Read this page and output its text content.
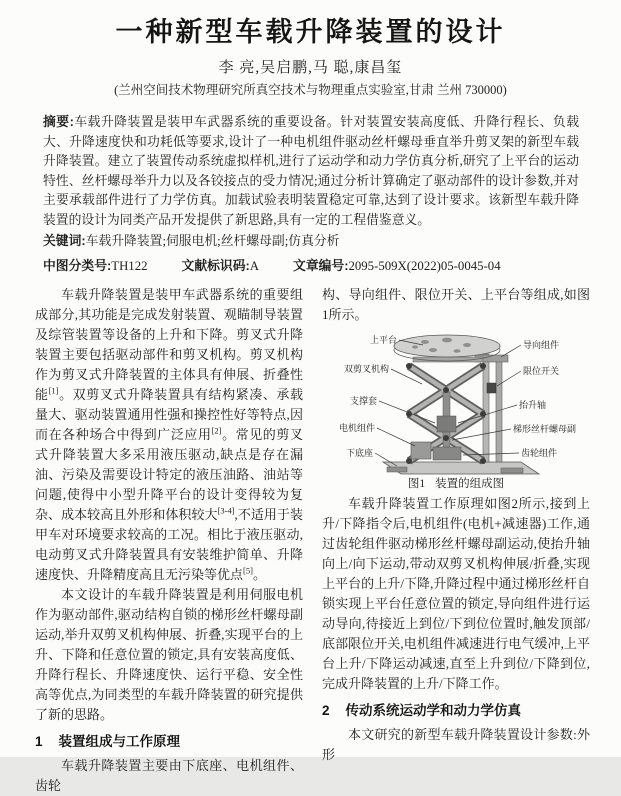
一种新型车载升降装置的设计
李 亮,吴启鹏,马 聪,康昌玺
(兰州空间技术物理研究所真空技术与物理重点实验室,甘肃 兰州 730000)
摘要:车载升降装置是装甲车武器系统的重要设备。针对装置安装高度低、升降行程长、负载大、升降速度快和功耗低等要求,设计了一种电机组件驱动丝杆螺母垂直举升剪叉架的新型车载升降装置。建立了装置传动系统虚拟样机,进行了运动学和动力学仿真分析,研究了上平台的运动特性、丝杆螺母举升力以及各铰接点的受力情况;通过分析计算确定了驱动部件的设计参数,并对主要承载部件进行了力学仿真。加载试验表明装置稳定可靠,达到了设计要求。该新型车载升降装置的设计为同类产品开发提供了新思路,具有一定的工程借鉴意义。
关键词:车载升降装置;伺服电机;丝杆螺母副;仿真分析
中图分类号:TH122	文献标识码:A	文章编号:2095-509X(2022)05-0045-04

车载升降装置是装甲车武器系统的重要组成部分,其功能是完成发射装置、观瞄制导装置及综管装置等设备的上升和下降。剪叉式升降装置主要包括驱动部件和剪叉机构。剪叉机构作为剪叉式升降装置的主体具有伸展、折叠性能[1]。双剪叉式升降装置具有结构紧凑、承载量大、驱动装置通用性强和操控性好等特点,因而在各种场合中得到广泛应用[2]。常见的剪叉式升降装置大多采用液压驱动,缺点是存在漏油、污染及需要设计特定的液压油路、油站等问题,使得中小型升降平台的设计变得较为复杂、成本较高且外形和体积较大[3-4],不适用于装甲车对环境要求较高的工况。相比于液压驱动,电动剪叉式升降装置具有安装维护简单、升降速度快、升降精度高且无污染等优点[5]。

本文设计的车载升降装置是利用伺服电机作为驱动部件,驱动结构自锁的梯形丝杆螺母副运动,举升双剪叉机构伸展、折叠,实现平台的上升、下降和任意位置的锁定,具有安装高度低、升降行程长、升降速度快、运行平稳、安全性高等优点,为同类型的车载升降装置的研究提供了新的思路。

1 装置组成与工作原理

车载升降装置主要由下底座、电机组件、齿轮

构、导向组件、限位开关、上平台等组成,如图1所示。

上平台
双剪叉机构
支撑套
电机组件
下底座
导向组件
限位开关
抬升轴
梯形丝杆螺母副
齿轮组件
图1 装置的组成图

车载升降装置工作原理如图2所示,接到上升/下降指令后,电机组件(电机+减速器)工作,通过齿轮组件驱动梯形丝杆螺母副运动,使抬升轴向上/向下运动,带动双剪叉机构伸展/折叠,实现上平台的上升/下降,升降过程中通过梯形丝杆自锁实现上平台任意位置的锁定,导向组件进行运动导向,待接近上到位/下到位位置时,触发顶部/底部限位开关,电机组件减速进行电气缓冲,上平台上升/下降运动减速,直至上升到位/下降到位,完成升降装置的上升/下降工作。

2 传动系统运动学和动力学仿真

本文研究的新型车载升降装置设计参数:外形
